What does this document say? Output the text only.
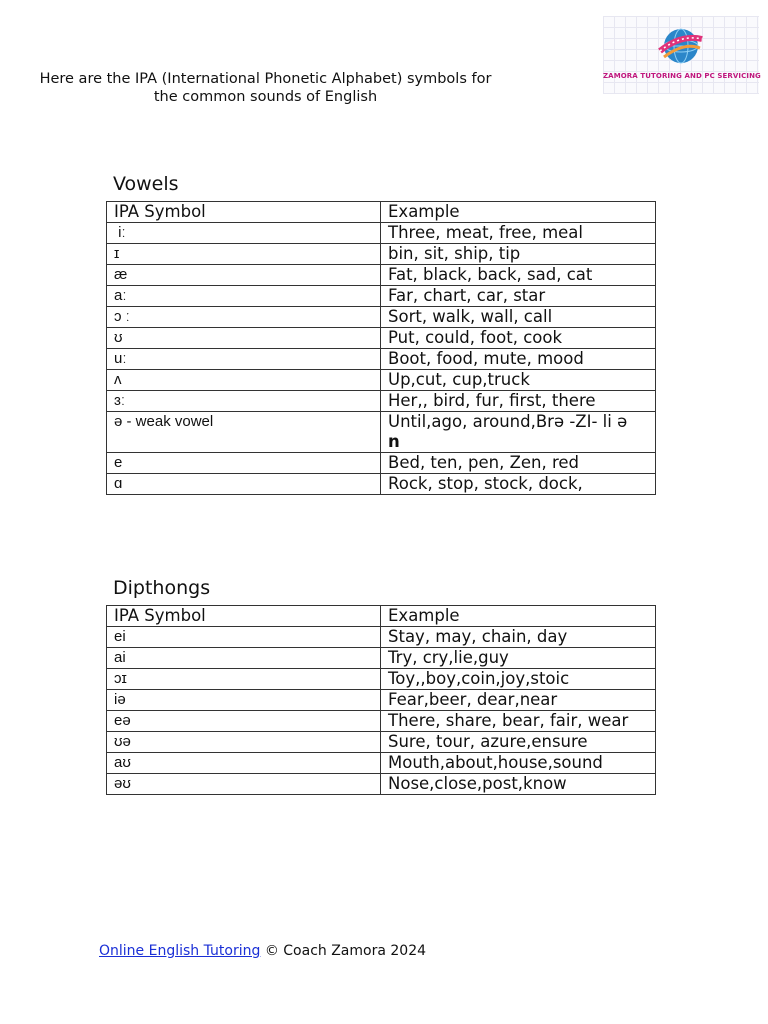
Here are the IPA (International Phonetic Alphabet) symbols for
the common sounds of English
ZAMORA TUTORING AND PC SERVICING
Vowels
IPA Symbol	Example
iː	Three, meat, free, meal
ɪ	bin, sit, ship, tip
æ	Fat, black, back, sad, cat
aː	Far, chart, car, star
ɔ ː	Sort, walk, wall, call
ʊ	Put, could, foot, cook
uː	Boot, food, mute, mood
ʌ	Up,cut, cup,truck
ɜː	Her,, bird, fur, first, there
ə - weak vowel	Until,ago, around,Brə -ZI- li ə
n

e	Bed, ten, pen, Zen, red
ɑ	Rock, stop, stock, dock,
Dipthongs
IPA Symbol	Example
ei	Stay, may, chain, day
ai	Try, cry,lie,guy
ɔɪ	Toy,,boy,coin,joy,stoic
iə	Fear,beer, dear,near
eə	There, share, bear, fair, wear
ʊə	Sure, tour, azure,ensure
aʊ	Mouth,about,house,sound
əʊ	Nose,close,post,know
Online English Tutoring © Coach Zamora 2024
